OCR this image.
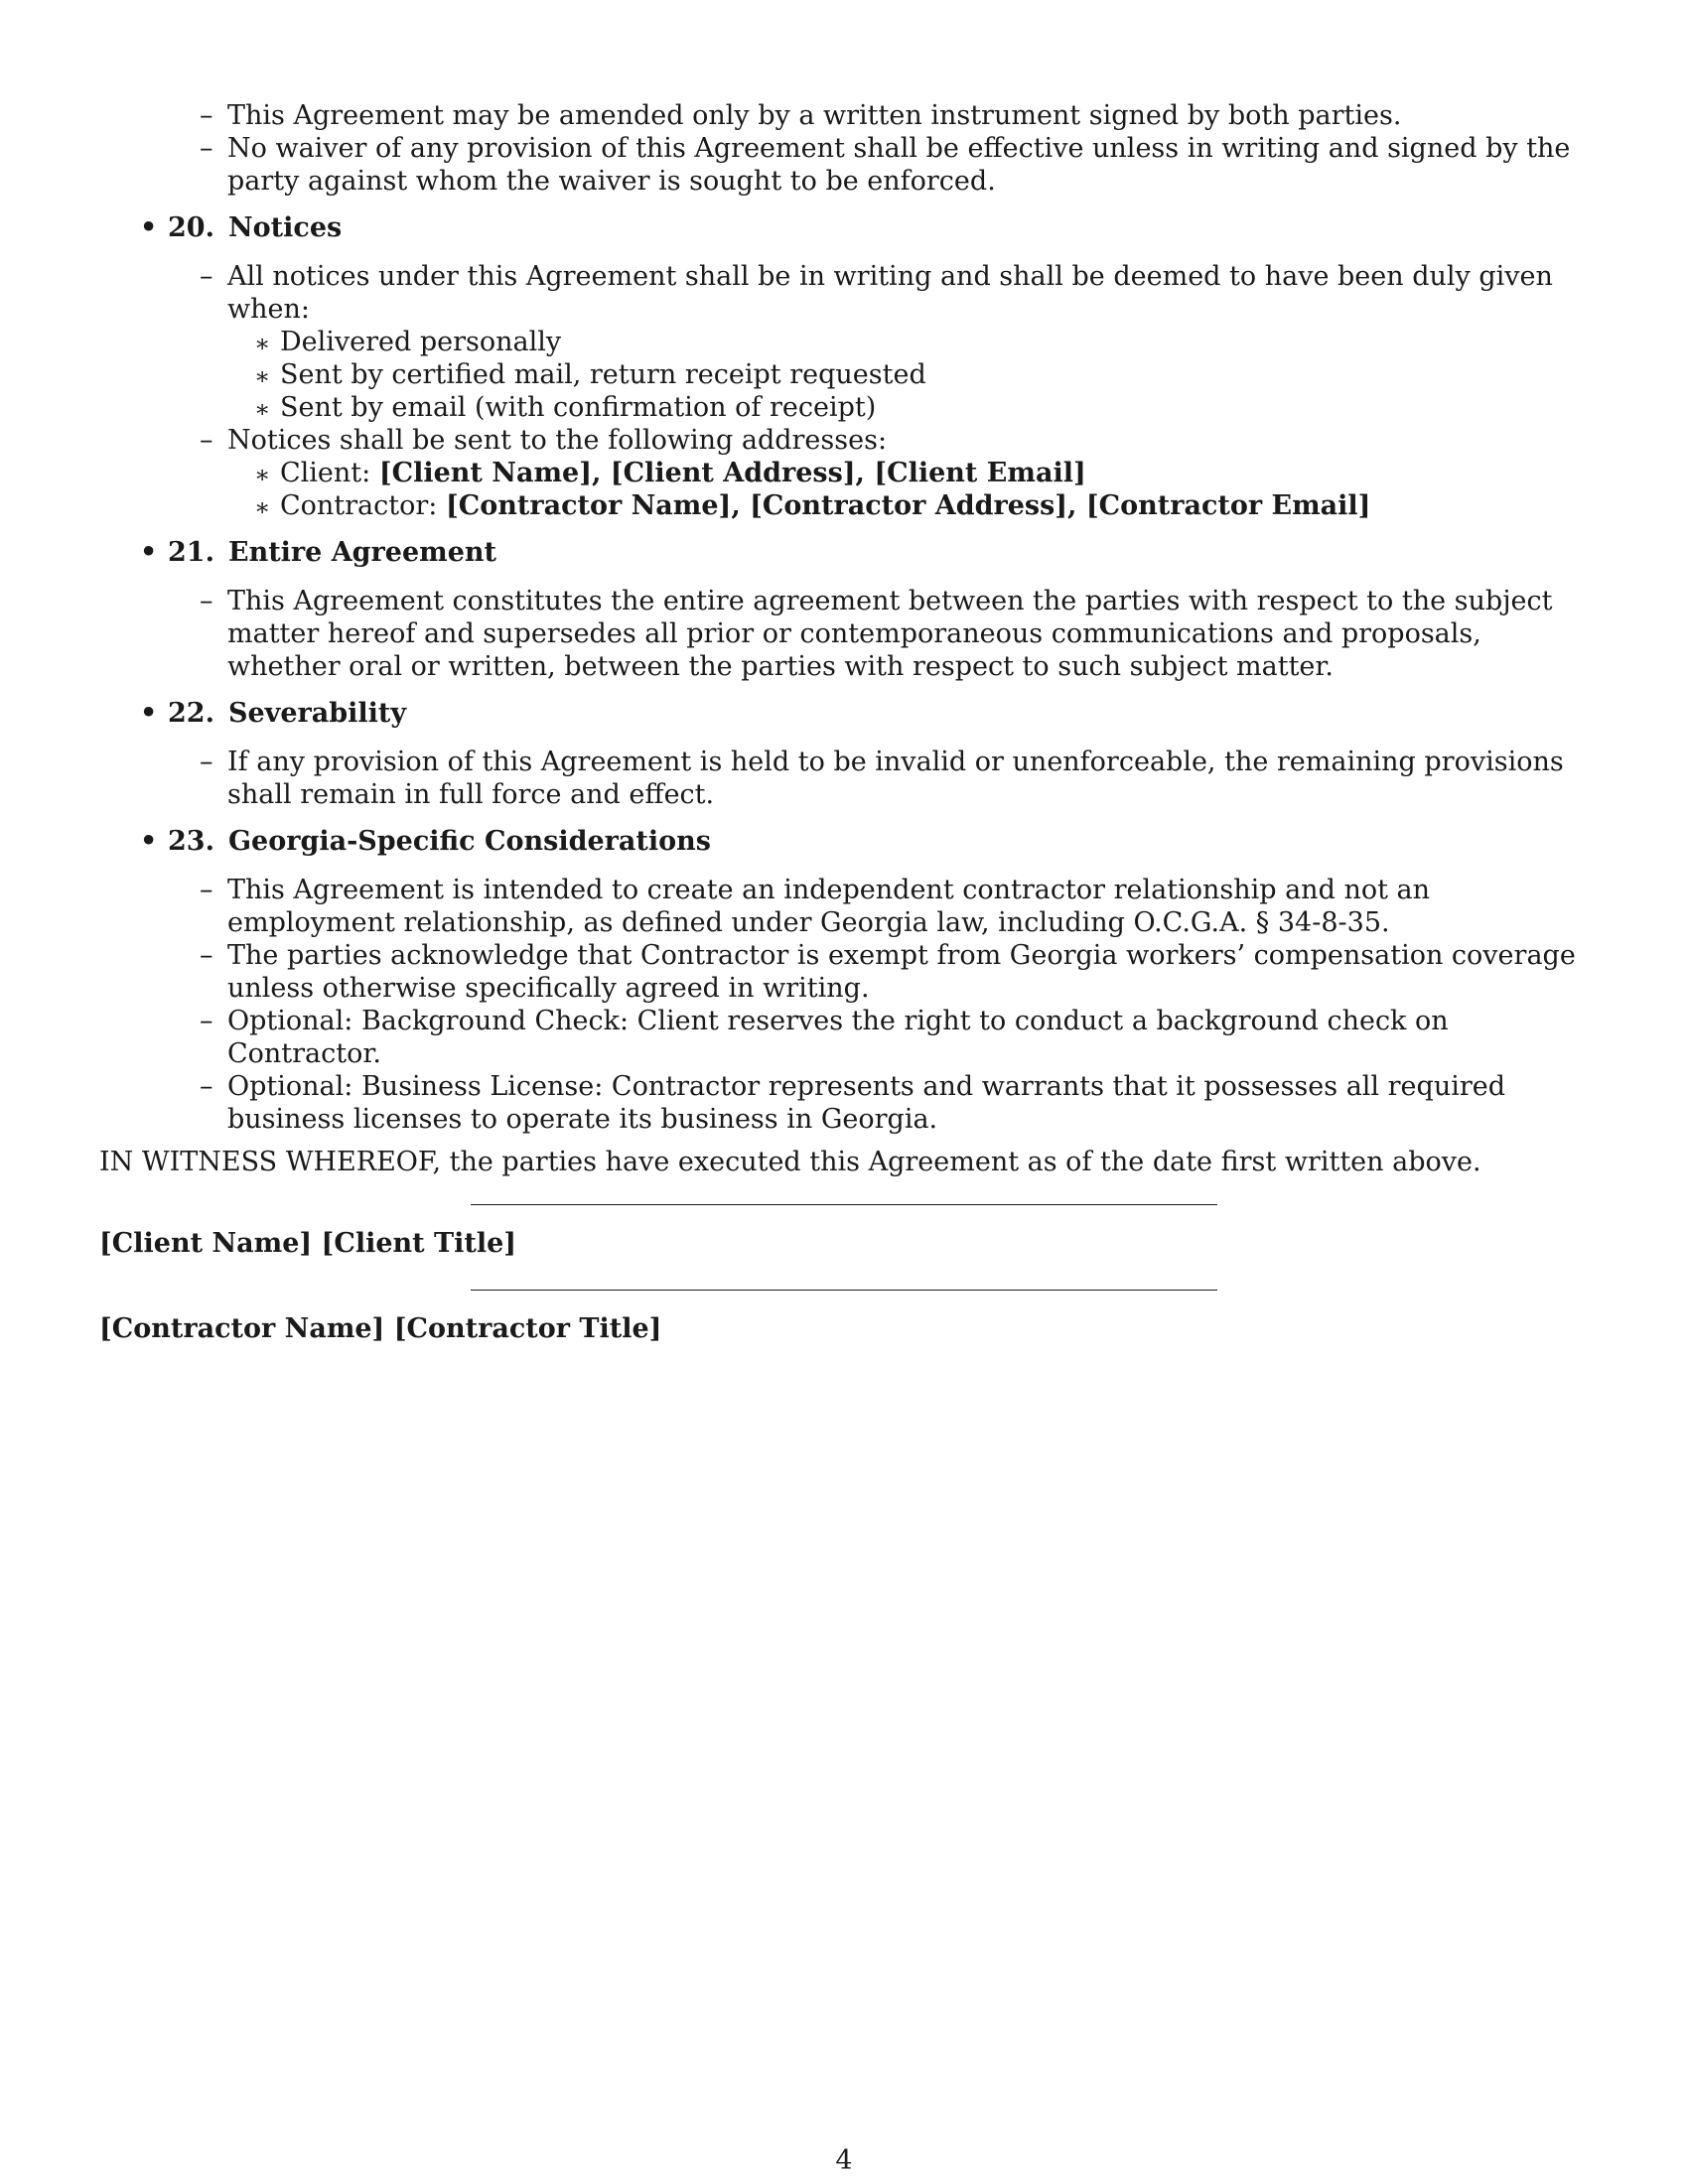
– This Agreement may be amended only by a written instrument signed by both parties.
– No waiver of any provision of this Agreement shall be effective unless in writing and signed by the party against whom the waiver is sought to be enforced.
• 20. Notices
– All notices under this Agreement shall be in writing and shall be deemed to have been duly given when:
∗ Delivered personally
∗ Sent by certified mail, return receipt requested
∗ Sent by email (with confirmation of receipt)
– Notices shall be sent to the following addresses:
∗ Client: [Client Name], [Client Address], [Client Email]
∗ Contractor: [Contractor Name], [Contractor Address], [Contractor Email]
• 21. Entire Agreement
– This Agreement constitutes the entire agreement between the parties with respect to the subject matter hereof and supersedes all prior or contemporaneous communications and proposals, whether oral or written, between the parties with respect to such subject matter.
• 22. Severability
– If any provision of this Agreement is held to be invalid or unenforceable, the remaining provisions shall remain in full force and effect.
• 23. Georgia-Specific Considerations
– This Agreement is intended to create an independent contractor relationship and not an employment relationship, as defined under Georgia law, including O.C.G.A. § 34-8-35.
– The parties acknowledge that Contractor is exempt from Georgia workers’ compensation coverage unless otherwise specifically agreed in writing.
– Optional: Background Check: Client reserves the right to conduct a background check on Contractor.
– Optional: Business License: Contractor represents and warrants that it possesses all required business licenses to operate its business in Georgia.
IN WITNESS WHEREOF, the parties have executed this Agreement as of the date first written above.
[Client Name] [Client Title]
[Contractor Name] [Contractor Title]
4
